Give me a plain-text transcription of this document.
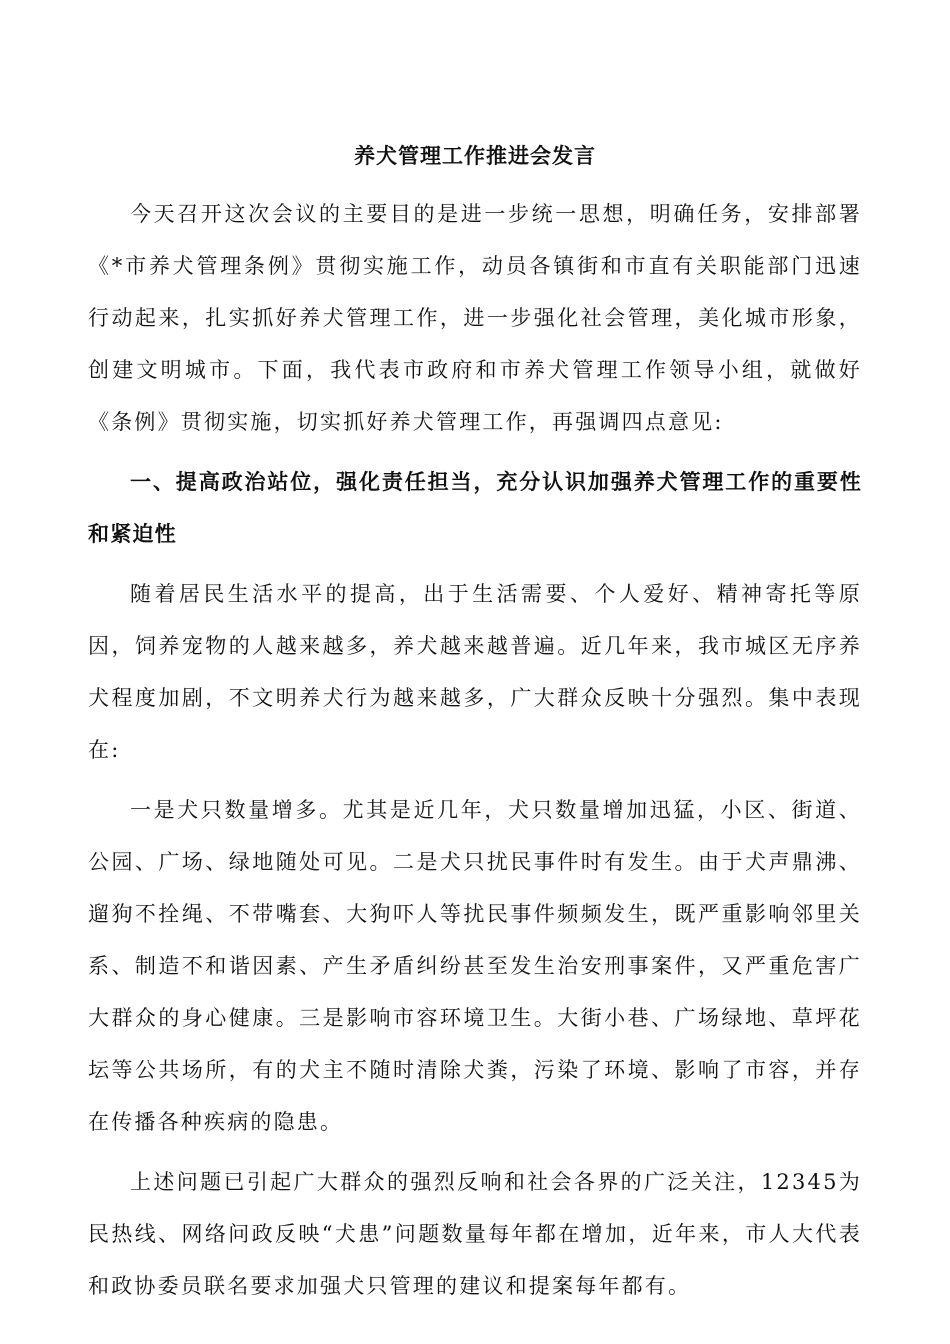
养犬管理工作推进会发言

今天召开这次会议的主要目的是进一步统一思想，明确任务，安排部署《*市养犬管理条例》贯彻实施工作，动员各镇街和市直有关职能部门迅速行动起来，扎实抓好养犬管理工作，进一步强化社会管理，美化城市形象，创建文明城市。下面，我代表市政府和市养犬管理工作领导小组，就做好《条例》贯彻实施，切实抓好养犬管理工作，再强调四点意见:

一、提高政治站位，强化责任担当，充分认识加强养犬管理工作的重要性和紧迫性

随着居民生活水平的提高，出于生活需要、个人爱好、精神寄托等原因，饲养宠物的人越来越多，养犬越来越普遍。近几年来，我市城区无序养犬程度加剧，不文明养犬行为越来越多，广大群众反映十分强烈。集中表现在:

一是犬只数量增多。尤其是近几年，犬只数量增加迅猛，小区、街道、公园、广场、绿地随处可见。二是犬只扰民事件时有发生。由于犬声鼎沸、遛狗不拴绳、不带嘴套、大狗吓人等扰民事件频频发生，既严重影响邻里关系、制造不和谐因素、产生矛盾纠纷甚至发生治安刑事案件，又严重危害广大群众的身心健康。三是影响市容环境卫生。大街小巷、广场绿地、草坪花坛等公共场所，有的犬主不随时清除犬粪，污染了环境、影响了市容，并存在传播各种疾病的隐患。

上述问题已引起广大群众的强烈反响和社会各界的广泛关注，12345为民热线、网络问政反映“犬患”问题数量每年都在增加，近年来，市人大代表和政协委员联名要求加强犬只管理的建议和提案每年都有。
